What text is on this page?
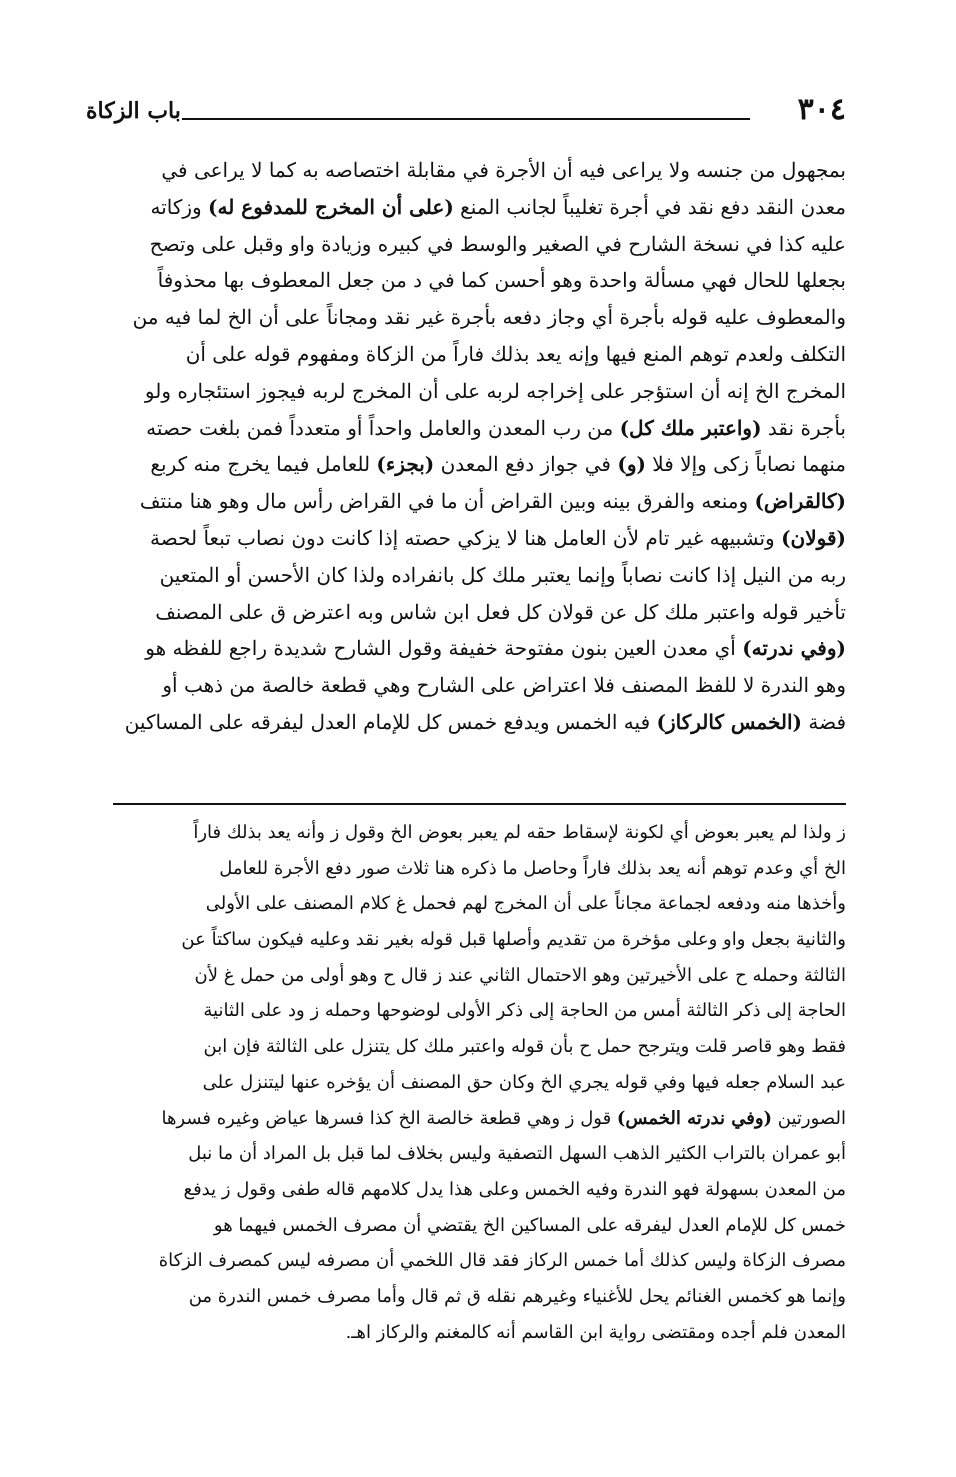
٣٠٤
باب الزكاة
بمجهول من جنسه ولا يراعى فيه أن الأجرة في مقابلة اختصاصه به كما لا يراعى في
معدن النقد دفع نقد في أجرة تغليباً لجانب المنع (على أن المخرج للمدفوع له) وزكاته
عليه كذا في نسخة الشارح في الصغير والوسط في كبيره وزيادة واو وقبل على وتصح
بجعلها للحال فهي مسألة واحدة وهو أحسن كما في د من جعل المعطوف بها محذوفاً
والمعطوف عليه قوله بأجرة أي وجاز دفعه بأجرة غير نقد ومجاناً على أن الخ لما فيه من
التكلف ولعدم توهم المنع فيها وإنه يعد بذلك فاراً من الزكاة ومفهوم قوله على أن
المخرج الخ إنه أن استؤجر على إخراجه لربه على أن المخرج لربه فيجوز استئجاره ولو
بأجرة نقد (واعتبر ملك كل) من رب المعدن والعامل واحداً أو متعدداً فمن بلغت حصته
منهما نصاباً زكى وإلا فلا (و) في جواز دفع المعدن (بجزء) للعامل فيما يخرج منه كربع
(كالقراض) ومنعه والفرق بينه وبين القراض أن ما في القراض رأس مال وهو هنا منتف
(قولان) وتشبيهه غير تام لأن العامل هنا لا يزكي حصته إذا كانت دون نصاب تبعاً لحصة
ربه من النيل إذا كانت نصاباً وإنما يعتبر ملك كل بانفراده ولذا كان الأحسن أو المتعين
تأخير قوله واعتبر ملك كل عن قولان كل فعل ابن شاس وبه اعترض ق على المصنف
(وفي ندرته) أي معدن العين بنون مفتوحة خفيفة وقول الشارح شديدة راجع للفظه هو
وهو الندرة لا للفظ المصنف فلا اعتراض على الشارح وهي قطعة خالصة من ذهب أو
فضة (الخمس كالركاز) فيه الخمس ويدفع خمس كل للإمام العدل ليفرقه على المساكين
ز ولذا لم يعبر بعوض أي لكونة لإسقاط حقه لم يعبر بعوض الخ وقول ز وأنه يعد بذلك فاراً
الخ أي وعدم توهم أنه يعد بذلك فاراً وحاصل ما ذكره هنا ثلاث صور دفع الأجرة للعامل
وأخذها منه ودفعه لجماعة مجاناً على أن المخرج لهم فحمل غ كلام المصنف على الأولى
والثانية بجعل واو وعلى مؤخرة من تقديم وأصلها قبل قوله بغير نقد وعليه فيكون ساكتاً عن
الثالثة وحمله ح على الأخيرتين وهو الاحتمال الثاني عند ز قال ح وهو أولى من حمل غ لأن
الحاجة إلى ذكر الثالثة أمس من الحاجة إلى ذكر الأولى لوضوحها وحمله ز ود على الثانية
فقط وهو قاصر قلت ويترجح حمل ح بأن قوله واعتبر ملك كل يتنزل على الثالثة فإن ابن
عبد السلام جعله فيها وفي قوله يجري الخ وكان حق المصنف أن يؤخره عنها ليتنزل على
الصورتين (وفي ندرته الخمس) قول ز وهي قطعة خالصة الخ كذا فسرها عياض وغيره فسرها
أبو عمران بالتراب الكثير الذهب السهل التصفية وليس بخلاف لما قبل بل المراد أن ما نبل
من المعدن بسهولة فهو الندرة وفيه الخمس وعلى هذا يدل كلامهم قاله طفى وقول ز يدفع
خمس كل للإمام العدل ليفرقه على المساكين الخ يقتضي أن مصرف الخمس فيهما هو
مصرف الزكاة وليس كذلك أما خمس الركاز فقد قال اللخمي أن مصرفه ليس كمصرف الزكاة
وإنما هو كخمس الغنائم يحل للأغنياء وغيرهم نقله ق ثم قال وأما مصرف خمس الندرة من
المعدن فلم أجده ومقتضى رواية ابن القاسم أنه كالمغنم والركاز اهـ.
